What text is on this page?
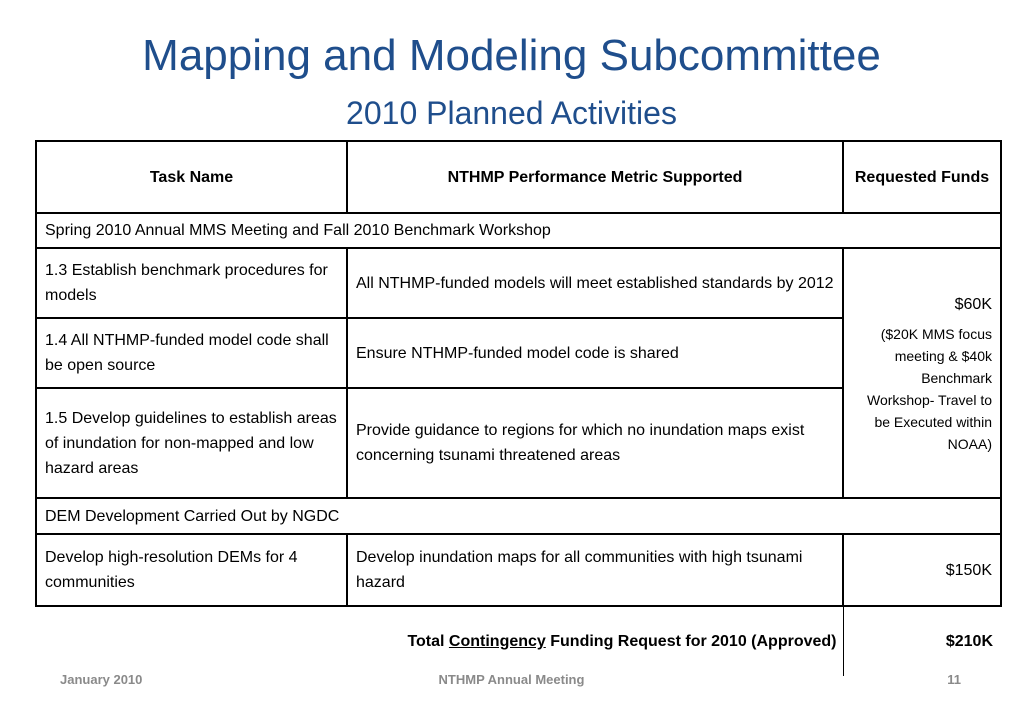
Mapping and Modeling Subcommittee
2010 Planned Activities
Task Name	NTHMP Performance Metric Supported	Requested Funds
Spring 2010 Annual MMS Meeting and Fall 2010 Benchmark Workshop		
1.3 Establish benchmark procedures for models	All NTHMP-funded models will meet established standards by 2012	$60K
($20K MMS focus meeting & $40k Benchmark Workshop- Travel to be Executed within NOAA)

1.4 All NTHMP-funded model code shall be open source	Ensure NTHMP-funded model code is shared	
1.5 Develop guidelines to establish areas of inundation for non-mapped and low hazard areas	Provide guidance to regions for which no inundation maps exist concerning tsunami threatened areas	
DEM Development Carried Out by NGDC		
Develop high-resolution DEMs for 4 communities	Develop inundation maps for all communities with high tsunami hazard	$150K
	Total Contingency Funding Request for 2010 (Approved)	$210K
January 2010	NTHMP Annual Meeting	11
